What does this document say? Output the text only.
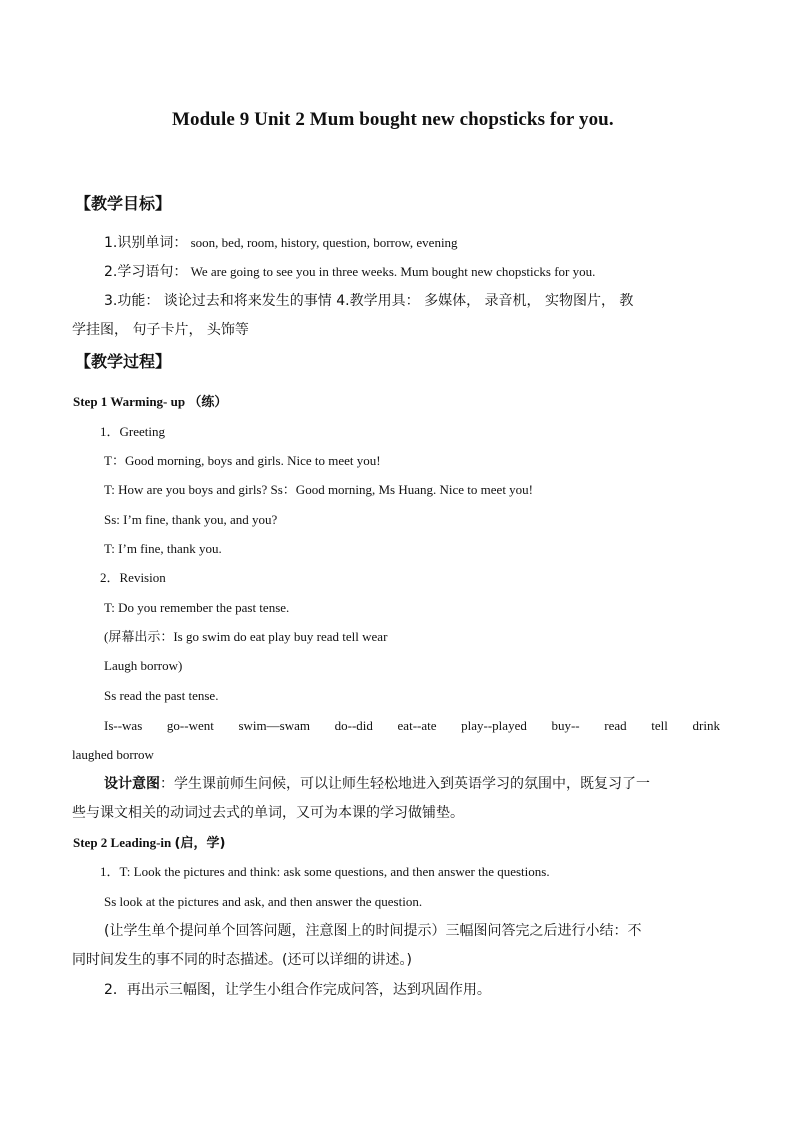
Module 9 Unit 2 Mum bought new chopsticks for you.
【教学目标】
1.识别单词： soon, bed, room, history, question, borrow, evening
2.学习语句： We are going to see you in three weeks. Mum bought new chopsticks for you.
3.功能： 谈论过去和将来发生的事情 4.教学用具： 多媒体， 录音机， 实物图片， 教
学挂图， 句子卡片， 头饰等
【教学过程】
Step 1 Warming- up （练）
1．Greeting
T：Good morning, boys and girls. Nice to meet you!
T: How are you boys and girls? Ss：Good morning, Ms Huang. Nice to meet you!
Ss: I’m fine, thank you, and you?
T: I’m fine, thank you.
2．Revision
T: Do you remember the past tense.
(屏幕出示：Is go swim do eat play buy read tell wear
Laugh borrow)
Ss read the past tense.
Is--was go--went swim—swam do--did eat--ate play--played buy-- read tell drink
laughed borrow
设计意图：学生课前师生问候，可以让师生轻松地进入到英语学习的氛围中，既复习了一
些与课文相关的动词过去式的单词，又可为本课的学习做铺垫。
Step 2 Leading-in (启，学)
1．T: Look the pictures and think: ask some questions, and then answer the questions.
Ss look at the pictures and ask, and then answer the question.
(让学生单个提问单个回答问题，注意图上的时间提示）三幅图问答完之后进行小结：不
同时间发生的事不同的时态描述。(还可以详细的讲述。)
2．再出示三幅图，让学生小组合作完成问答，达到巩固作用。
